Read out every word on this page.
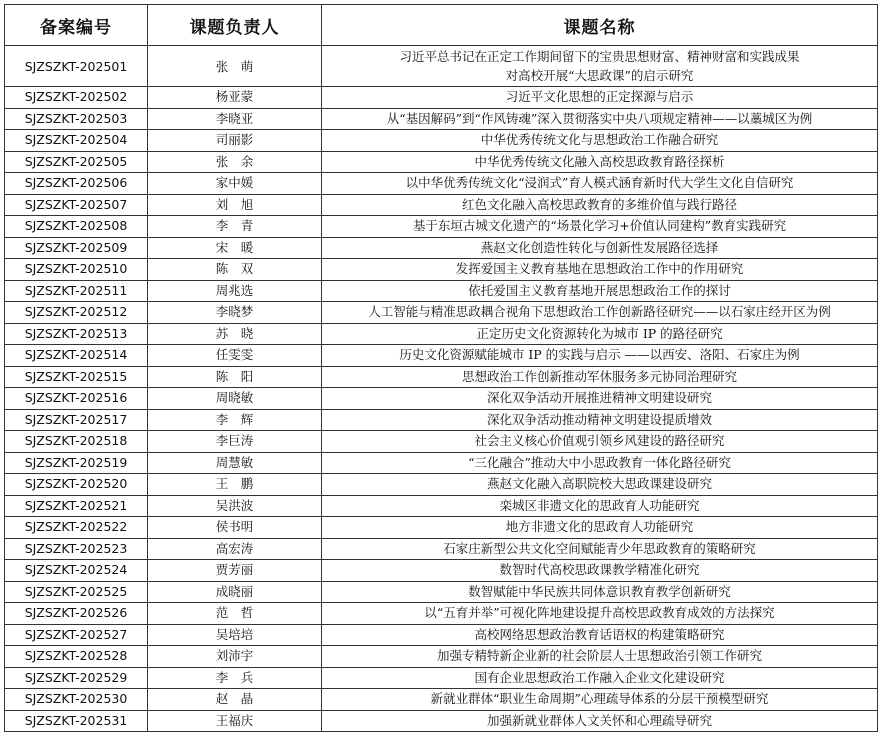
备案编号	课题负责人	课题名称
SJZSZKT-202501	张　萌	习近平总书记在正定工作期间留下的宝贵思想财富、精神财富和实践成果
对高校开展“大思政课”的启示研究

SJZSZKT-202502	杨亚蒙	习近平文化思想的正定探源与启示

SJZSZKT-202503	李晓亚	从“基因解码”到“作风铸魂”深入贯彻落实中央八项规定精神——以藁城区为例

SJZSZKT-202504	司丽影	中华优秀传统文化与思想政治工作融合研究

SJZSZKT-202505	张　余	中华优秀传统文化融入高校思政教育路径探析

SJZSZKT-202506	家中媛	以中华优秀传统文化“浸润式”育人模式涵育新时代大学生文化自信研究

SJZSZKT-202507	刘　旭	红色文化融入高校思政教育的多维价值与践行路径

SJZSZKT-202508	李　青	基于东垣古城文化遗产的“场景化学习+价值认同建构”教育实践研究

SJZSZKT-202509	宋　暖	燕赵文化创造性转化与创新性发展路径选择

SJZSZKT-202510	陈　双	发挥爱国主义教育基地在思想政治工作中的作用研究

SJZSZKT-202511	周兆选	依托爱国主义教育基地开展思想政治工作的探讨

SJZSZKT-202512	李晓梦	人工智能与精准思政耦合视角下思想政治工作创新路径研究——以石家庄经开区为例

SJZSZKT-202513	苏　晓	正定历史文化资源转化为城市 IP 的路径研究

SJZSZKT-202514	任雯雯	历史文化资源赋能城市 IP 的实践与启示 ——以西安、洛阳、石家庄为例

SJZSZKT-202515	陈　阳	思想政治工作创新推动军休服务多元协同治理研究

SJZSZKT-202516	周晓敏	深化双争活动开展推进精神文明建设研究

SJZSZKT-202517	李　辉	深化双争活动推动精神文明建设提质增效

SJZSZKT-202518	李巨涛	社会主义核心价值观引领乡风建设的路径研究

SJZSZKT-202519	周慧敏	“三化融合”推动大中小思政教育一体化路径研究

SJZSZKT-202520	王　鹏	燕赵文化融入高职院校大思政课建设研究

SJZSZKT-202521	吴洪波	栾城区非遗文化的思政育人功能研究

SJZSZKT-202522	侯书明	地方非遗文化的思政育人功能研究

SJZSZKT-202523	高宏涛	石家庄新型公共文化空间赋能青少年思政教育的策略研究

SJZSZKT-202524	贾芳丽	数智时代高校思政课教学精准化研究

SJZSZKT-202525	成晓丽	数智赋能中华民族共同体意识教育教学创新研究

SJZSZKT-202526	范　哲	以“五育并举”可视化阵地建设提升高校思政教育成效的方法探究

SJZSZKT-202527	吴培培	高校网络思想政治教育话语权的构建策略研究

SJZSZKT-202528	刘沛宇	加强专精特新企业新的社会阶层人士思想政治引领工作研究

SJZSZKT-202529	李　兵	国有企业思想政治工作融入企业文化建设研究

SJZSZKT-202530	赵　晶	新就业群体“职业生命周期”心理疏导体系的分层干预模型研究

SJZSZKT-202531	王福庆	加强新就业群体人文关怀和心理疏导研究
